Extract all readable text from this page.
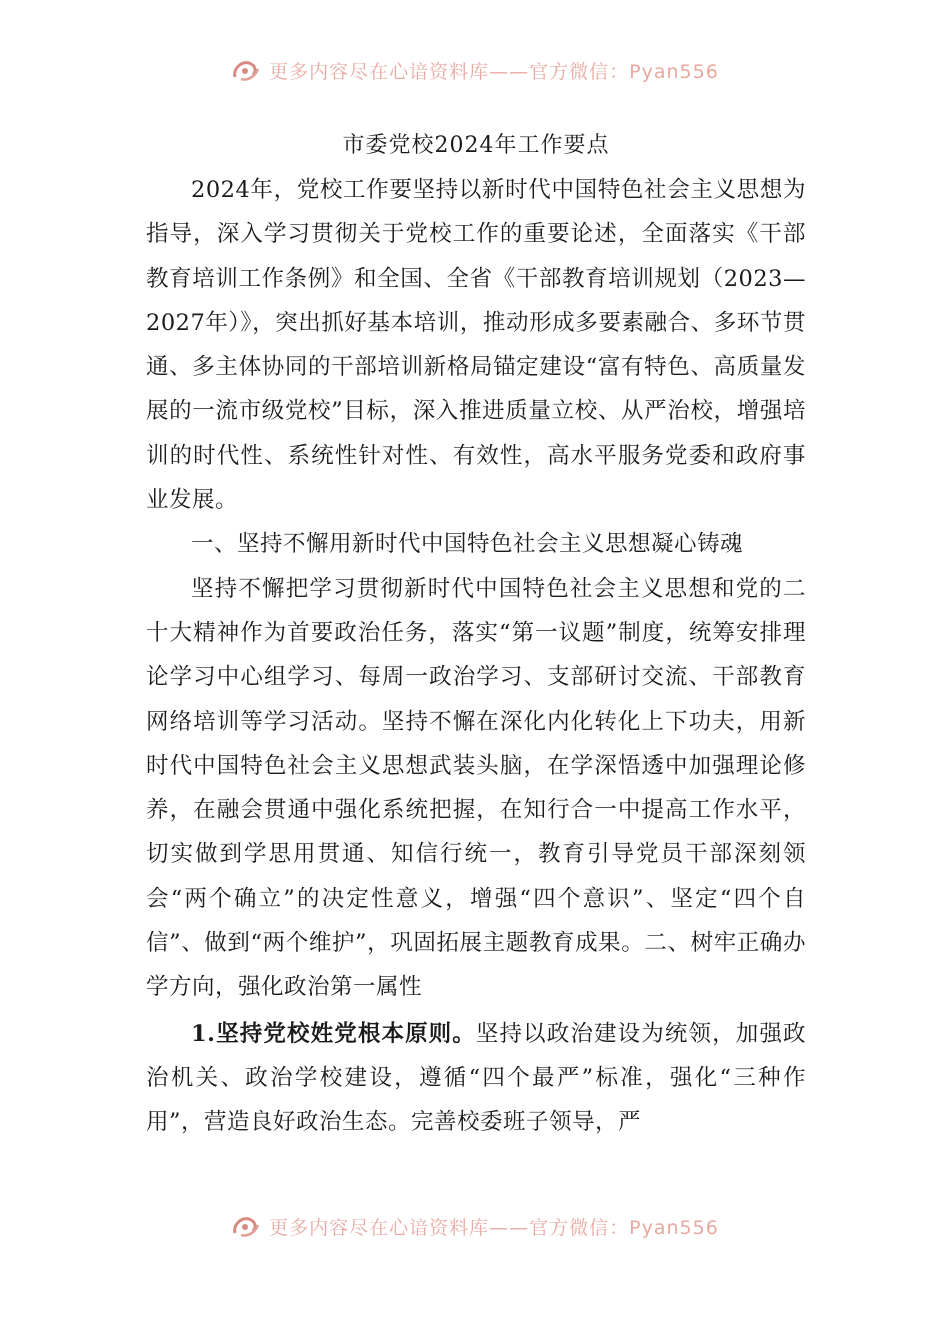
更多内容尽在心谙资料库——官方微信：Pyan556
市委党校2024年工作要点

2024年，党校工作要坚持以新时代中国特色社会主义思想为指导，深入学习贯彻关于党校工作的重要论述，全面落实《干部教育培训工作条例》和全国、全省《干部教育培训规划（2023—2027年）》，突出抓好基本培训，推动形成多要素融合、多环节贯通、多主体协同的干部培训新格局锚定建设“富有特色、高质量发展的一流市级党校”目标，深入推进质量立校、从严治校，增强培训的时代性、系统性针对性、有效性，高水平服务党委和政府事业发展。

一、坚持不懈用新时代中国特色社会主义思想凝心铸魂

坚持不懈把学习贯彻新时代中国特色社会主义思想和党的二十大精神作为首要政治任务，落实“第一议题”制度，统筹安排理论学习中心组学习、每周一政治学习、支部研讨交流、干部教育网络培训等学习活动。坚持不懈在深化内化转化上下功夫，用新时代中国特色社会主义思想武装头脑，在学深悟透中加强理论修养，在融会贯通中强化系统把握，在知行合一中提高工作水平，切实做到学思用贯通、知信行统一，教育引导党员干部深刻领会“两个确立”的决定性意义，增强“四个意识”、坚定“四个自信”、做到“两个维护”，巩固拓展主题教育成果。二、树牢正确办学方向，强化政治第一属性

1.坚持党校姓党根本原则。坚持以政治建设为统领，加强政治机关、政治学校建设，遵循“四个最严”标准，强化“三种作用”，营造良好政治生态。完善校委班子领导，严

更多内容尽在心谙资料库——官方微信：Pyan556
